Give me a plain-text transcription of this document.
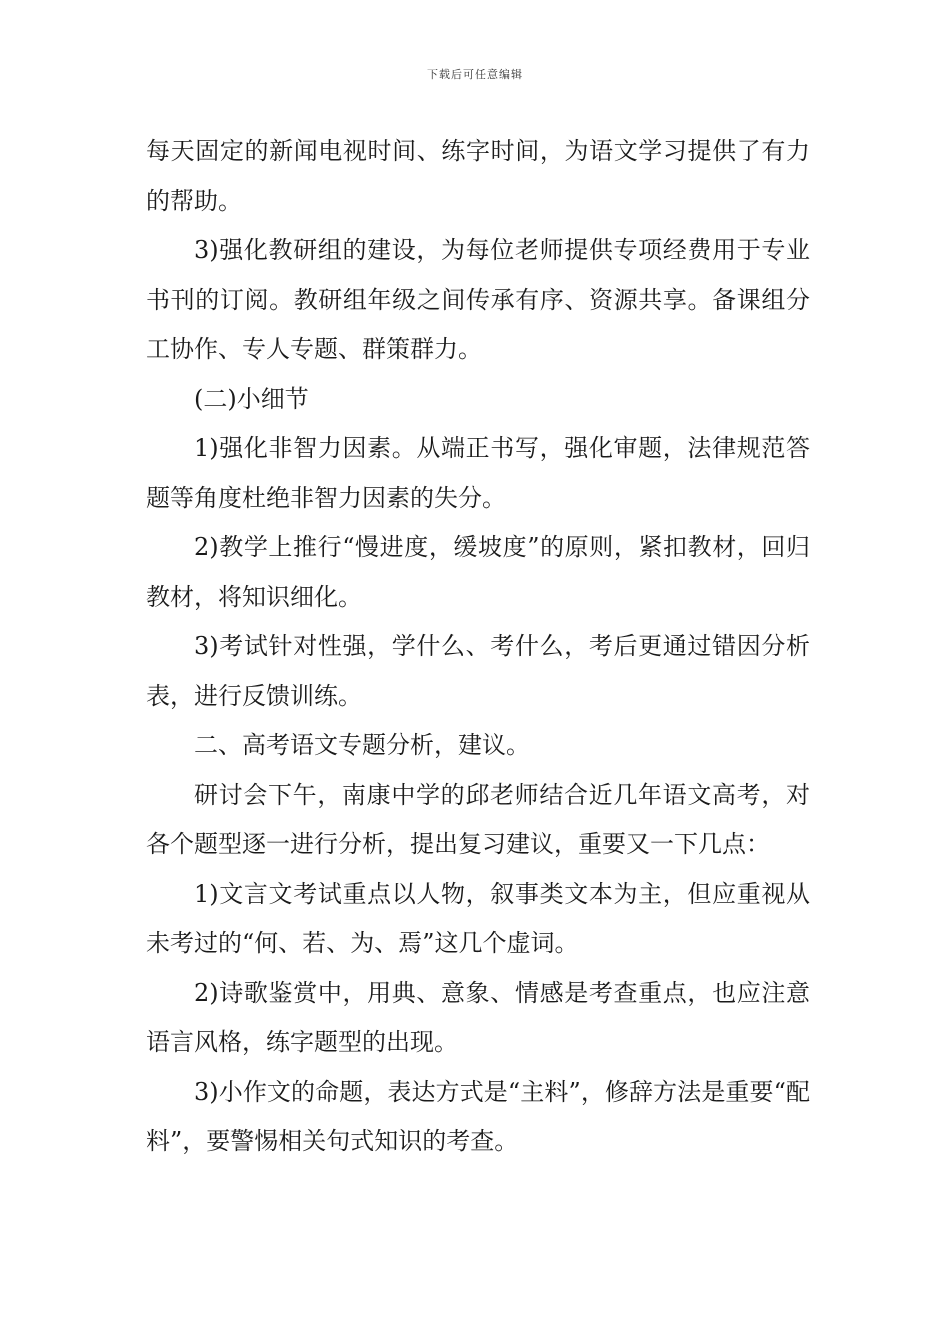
下载后可任意编辑

每天固定的新闻电视时间、练字时间，为语文学习提供了有力的帮助。

3)强化教研组的建设，为每位老师提供专项经费用于专业书刊的订阅。教研组年级之间传承有序、资源共享。备课组分工协作、专人专题、群策群力。

(二)小细节

1)强化非智力因素。从端正书写，强化审题，法律规范答题等角度杜绝非智力因素的失分。

2)教学上推行“慢进度，缓坡度”的原则，紧扣教材，回归教材，将知识细化。

3)考试针对性强，学什么、考什么，考后更通过错因分析表，进行反馈训练。

二、高考语文专题分析，建议。

研讨会下午，南康中学的邱老师结合近几年语文高考，对各个题型逐一进行分析，提出复习建议，重要又一下几点：

1)文言文考试重点以人物，叙事类文本为主，但应重视从未考过的“何、若、为、焉”这几个虚词。

2)诗歌鉴赏中，用典、意象、情感是考查重点，也应注意语言风格，练字题型的出现。

3)小作文的命题，表达方式是“主料”，修辞方法是重要“配料”，要警惕相关句式知识的考查。
